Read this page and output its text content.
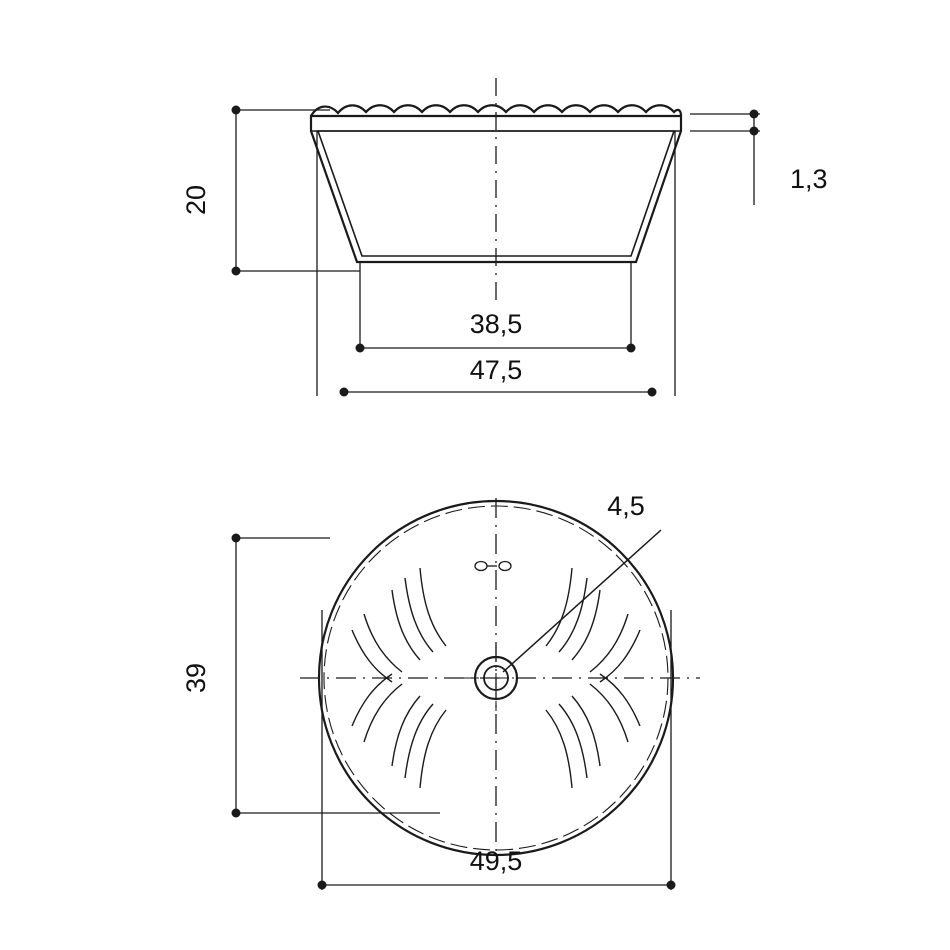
20
1,3
38,5
47,5
4,5
39
49,5
